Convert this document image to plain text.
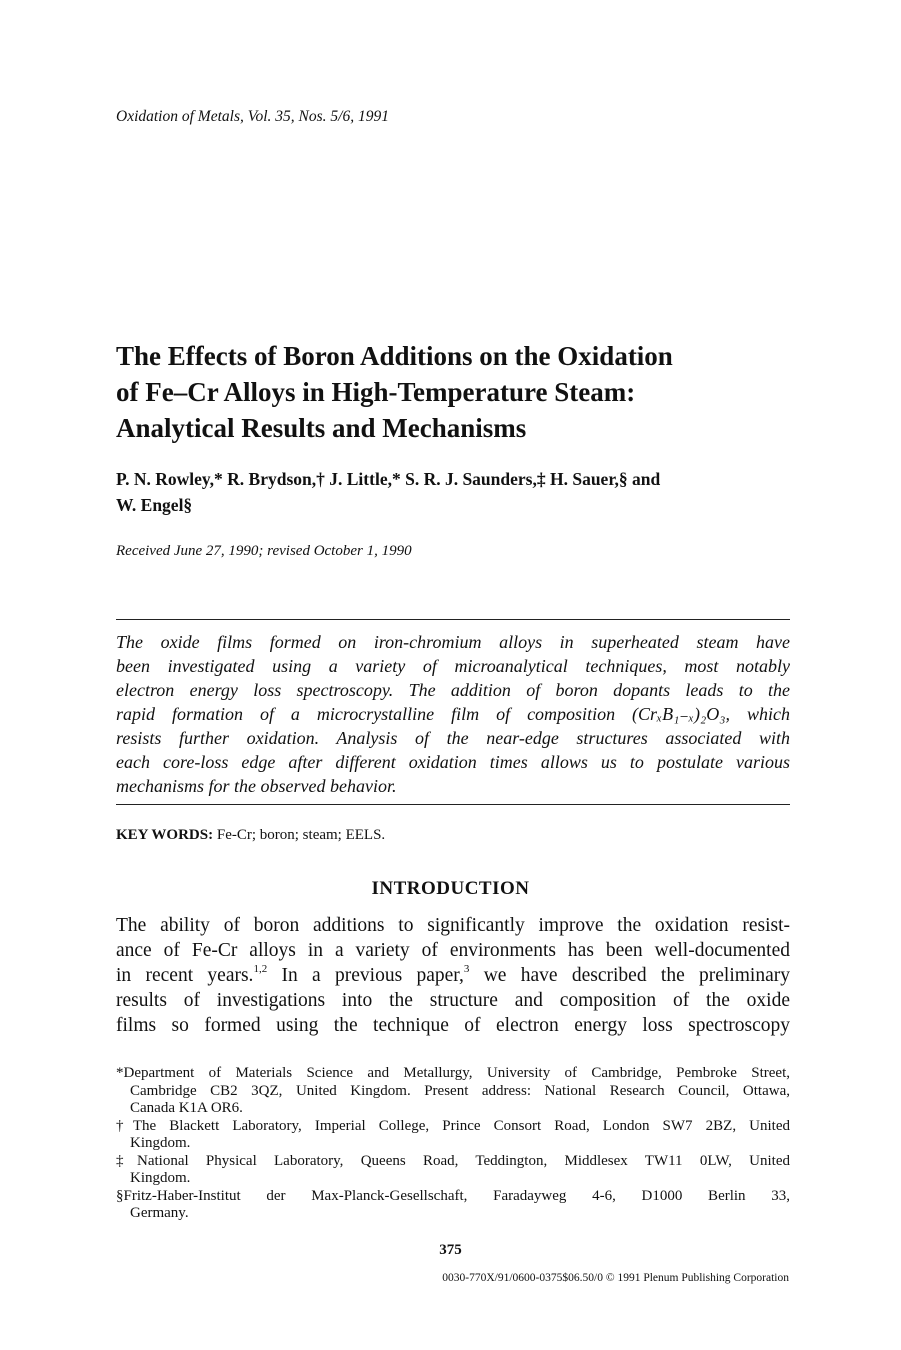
Oxidation of Metals, Vol. 35, Nos. 5/6, 1991
The Effects of Boron Additions on the Oxidation
of Fe–Cr Alloys in High-Temperature Steam:
Analytical Results and Mechanisms
P. N. Rowley,* R. Brydson,† J. Little,* S. R. J. Saunders,‡ H. Sauer,§ and
W. Engel§
Received June 27, 1990; revised October 1, 1990
The oxide films formed on iron-chromium alloys in superheated steam have
been investigated using a variety of microanalytical techniques, most notably
electron energy loss spectroscopy. The addition of boron dopants leads to the
rapid formation of a microcrystalline film of composition (CrₓB₁₋ₓ)₂O₃, which
resists further oxidation. Analysis of the near-edge structures associated with
each core-loss edge after different oxidation times allows us to postulate various
mechanisms for the observed behavior.
KEY WORDS: Fe-Cr; boron; steam; EELS.
INTRODUCTION
The ability of boron additions to significantly improve the oxidation resist-
ance of Fe-Cr alloys in a variety of environments has been well-documented
in recent years.$^{1,2}$ In a previous paper,$^3$ we have described the preliminary
results of investigations into the structure and composition of the oxide
films so formed using the technique of electron energy loss spectroscopy
*Department of Materials Science and Metallurgy, University of Cambridge, Pembroke Street,
Cambridge CB2 3QZ, United Kingdom. Present address: National Research Council, Ottawa,
Canada K1A OR6.
†The Blackett Laboratory, Imperial College, Prince Consort Road, London SW7 2BZ, United
Kingdom.
‡National Physical Laboratory, Queens Road, Teddington, Middlesex TW11 0LW, United
Kingdom.
§Fritz-Haber-Institut der Max-Planck-Gesellschaft, Faradayweg 4-6, D1000 Berlin 33,
Germany.
375
0030-770X/91/0600-0375$06.50/0 © 1991 Plenum Publishing Corporation
